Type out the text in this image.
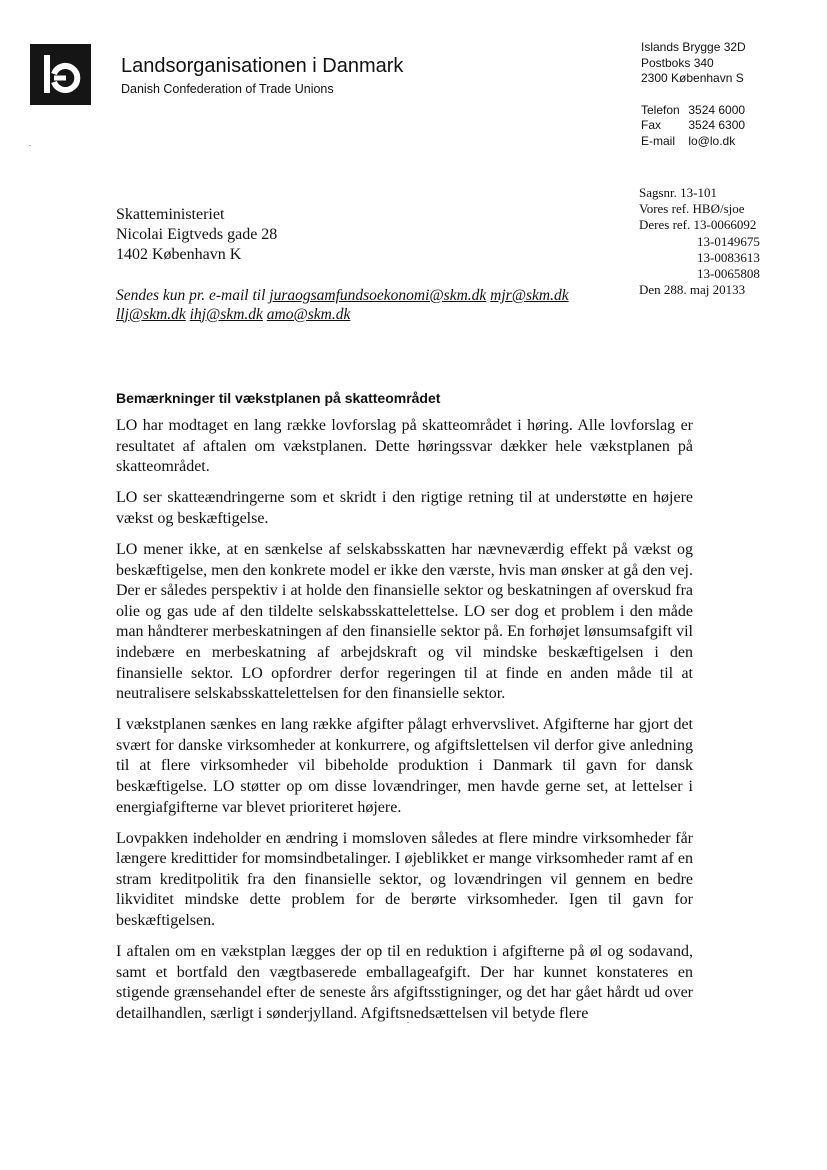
Landsorganisationen i Danmark
Danish Confederation of Trade Unions
Islands Brygge 32D
Postboks 340
2300 København S
Telefon 3524 6000
Fax 3524 6300
E-mail lo@lo.dk
Sagsnr. 13-101
Vores ref. HBØ/sjoe
Deres ref. 13-0066092
13-0149675
13-0083613
13-0065808
Den 288. maj 20133
Skatteministeriet
Nicolai Eigtveds gade 28
1402 København K
Sendes kun pr. e-mail til juraogsamfundsoekonomi@skm.dk mjr@skm.dk llj@skm.dk ihj@skm.dk amo@skm.dk
Bemærkninger til vækstplanen på skatteområdet

LO har modtaget en lang række lovforslag på skatteområdet i høring. Alle lovforslag er resultatet af aftalen om vækstplanen. Dette høringssvar dækker hele vækstplanen på skatteområdet.

LO ser skatteændringerne som et skridt i den rigtige retning til at understøtte en højere vækst og beskæftigelse.

LO mener ikke, at en sænkelse af selskabsskatten har nævneværdig effekt på vækst og beskæftigelse, men den konkrete model er ikke den værste, hvis man ønsker at gå den vej. Der er således perspektiv i at holde den finansielle sektor og beskatningen af overskud fra olie og gas ude af den tildelte selskabsskattelettelse. LO ser dog et problem i den måde man håndterer merbeskatningen af den finansielle sektor på. En forhøjet lønsumsafgift vil indebære en merbeskatning af arbejdskraft og vil mindske beskæftigelsen i den finansielle sektor. LO opfordrer derfor regeringen til at finde en anden måde til at neutralisere selskabsskattelettelsen for den finansielle sektor.

I vækstplanen sænkes en lang række afgifter pålagt erhvervslivet. Afgifterne har gjort det svært for danske virksomheder at konkurrere, og afgiftslettelsen vil derfor give anledning til at flere virksomheder vil bibeholde produktion i Danmark til gavn for dansk beskæftigelse. LO støtter op om disse lovændringer, men havde gerne set, at lettelser i energiafgifterne var blevet prioriteret højere.

Lovpakken indeholder en ændring i momsloven således at flere mindre virksomheder får længere kredittider for momsindbetalinger. I øjeblikket er mange virksomheder ramt af en stram kreditpolitik fra den finansielle sektor, og lovændringen vil gennem en bedre likviditet mindske dette problem for de berørte virksomheder. Igen til gavn for beskæftigelsen.

I aftalen om en vækstplan lægges der op til en reduktion i afgifterne på øl og sodavand, samt et bortfald den vægtbaserede emballageafgift. Der har kunnet konstateres en stigende grænsehandel efter de seneste års afgiftsstigninger, og det har gået hårdt ud over detailhandlen, særligt i sønderjylland. Afgiftsnedsættelsen vil betyde flere
